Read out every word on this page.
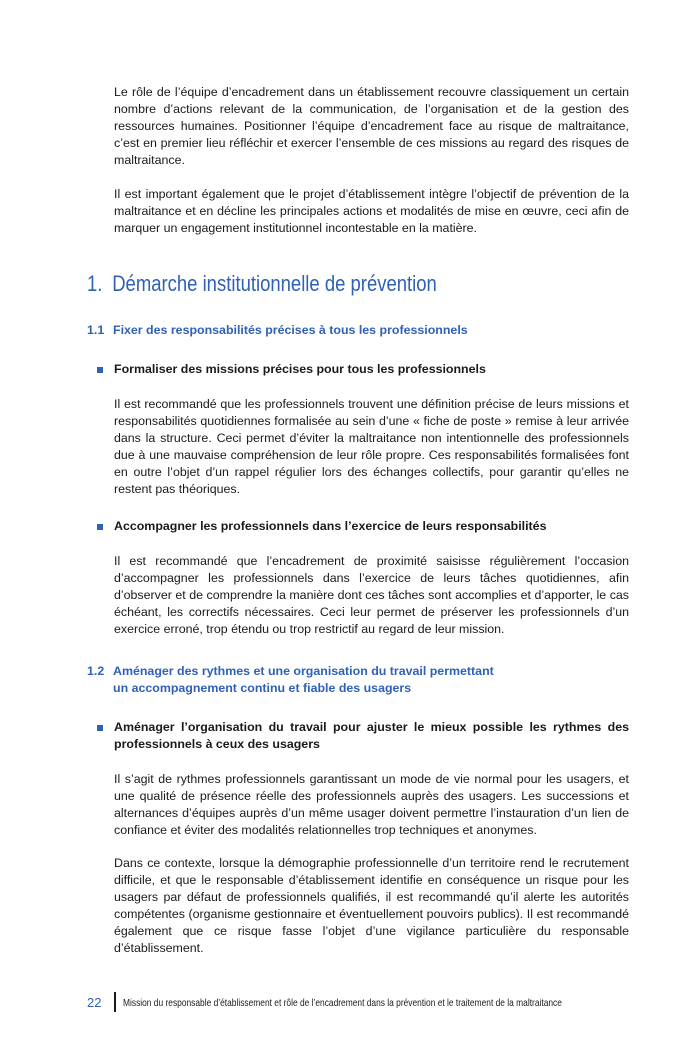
Le rôle de l’équipe d’encadrement dans un établissement recouvre classiquement un certain nombre d’actions relevant de la communication, de l’organisation et de la gestion des ressources humaines. Positionner l’équipe d’encadrement face au risque de maltraitance, c’est en premier lieu réfléchir et exercer l’ensemble de ces missions au regard des risques de maltraitance.

Il est important également que le projet d’établissement intègre l’objectif de prévention de la maltraitance et en décline les principales actions et modalités de mise en œuvre, ceci afin de marquer un engagement institutionnel incontestable en la matière.

1. Démarche institutionnelle de prévention
1.1 Fixer des responsabilités précises à tous les professionnels
Formaliser des missions précises pour tous les professionnels

Il est recommandé que les professionnels trouvent une définition précise de leurs missions et responsabilités quotidiennes formalisée au sein d’une « fiche de poste » remise à leur arrivée dans la structure. Ceci permet d’éviter la maltraitance non intentionnelle des professionnels due à une mauvaise compréhension de leur rôle propre. Ces responsabilités formalisées font en outre l’objet d’un rappel régulier lors des échanges collectifs, pour garantir qu’elles ne restent pas théoriques.

Accompagner les professionnels dans l’exercice de leurs responsabilités

Il est recommandé que l’encadrement de proximité saisisse régulièrement l’occasion d’accompagner les professionnels dans l’exercice de leurs tâches quotidiennes, afin d’observer et de comprendre la manière dont ces tâches sont accomplies et d’apporter, le cas échéant, les correctifs nécessaires. Ceci leur permet de préserver les professionnels d’un exercice erroné, trop étendu ou trop restrictif au regard de leur mission.

1.2 Aménager des rythmes et une organisation du travail permettant
un accompagnement continu et fiable des usagers
Aménager l’organisation du travail pour ajuster le mieux possible les rythmes des professionnels à ceux des usagers

Il s’agit de rythmes professionnels garantissant un mode de vie normal pour les usagers, et une qualité de présence réelle des professionnels auprès des usagers. Les successions et alternances d’équipes auprès d’un même usager doivent permettre l’instauration d’un lien de confiance et éviter des modalités relationnelles trop techniques et anonymes.

Dans ce contexte, lorsque la démographie professionnelle d’un territoire rend le recrutement difficile, et que le responsable d’établissement identifie en conséquence un risque pour les usagers par défaut de professionnels qualifiés, il est recommandé qu’il alerte les autorités compétentes (organisme gestionnaire et éventuellement pouvoirs publics). Il est recommandé également que ce risque fasse l’objet d’une vigilance particulière du responsable d’établissement.

22 Mission du responsable d’établissement et rôle de l’encadrement dans la prévention et le traitement de la maltraitance
